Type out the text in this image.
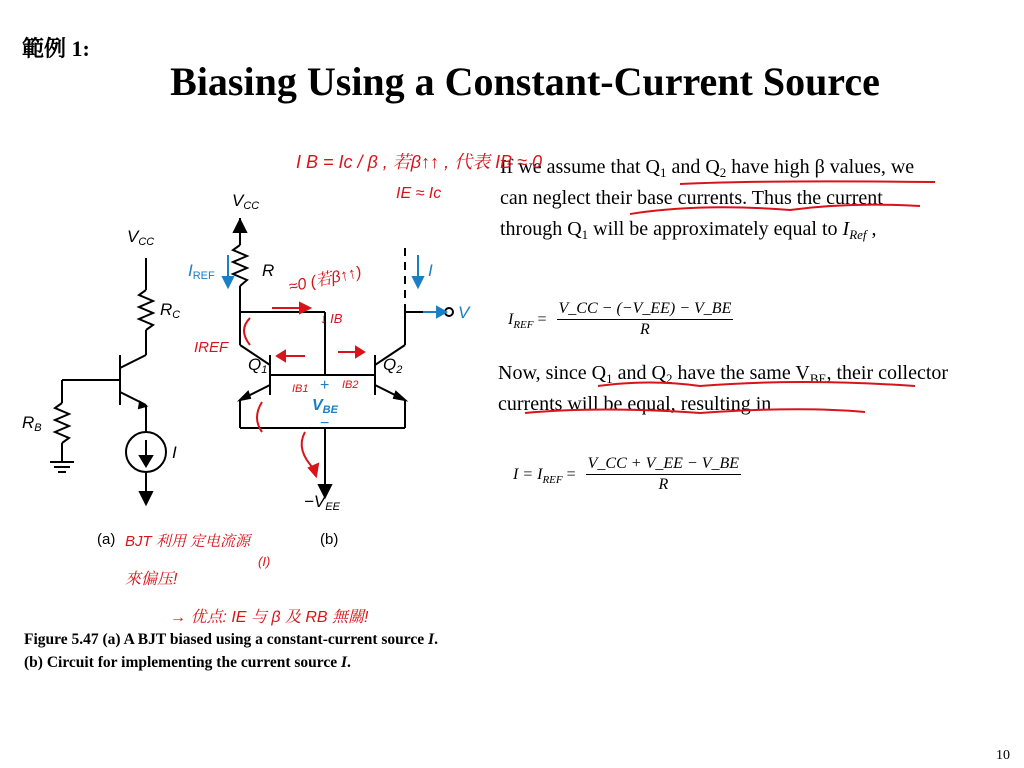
範例 1:
Biasing Using a Constant-Current Source
If we assume that $Q_1$ and $Q_2$ have high β values, we can neglect their base currents. Thus the current through $Q_1$ will be approximately equal to $I_{Ref}$ ,
$I_{REF} = \frac{V\_CC - (-V\_EE) - V\_BE}{R}$
Now, since $Q_1$ and $Q_2$ have the same $V_{BE}$, their collector currents will be equal, resulting in
$I = I_{REF} = \frac{V\_CC + V\_EE - V\_BE}{R}$
VCC
RC
RB
I
VCC
IREF	R	I
Q1	Q2
V
−VEE
+
VBE
−
(a)	(b)
I B = Ic / β , 若β↑↑ , 代表 IB ≈ 0
IE ≈ Ic
≈0 (若β↑↑)
IREF
↓ IB
IB1	IB2
BJT 利用 定电流源
(I)
來偏压!
→ 优点: IE 与 β 及 RB 無關!
Figure 5.47 (a) A BJT biased using a constant-current source I. (b) Circuit for implementing the current source I.
10
